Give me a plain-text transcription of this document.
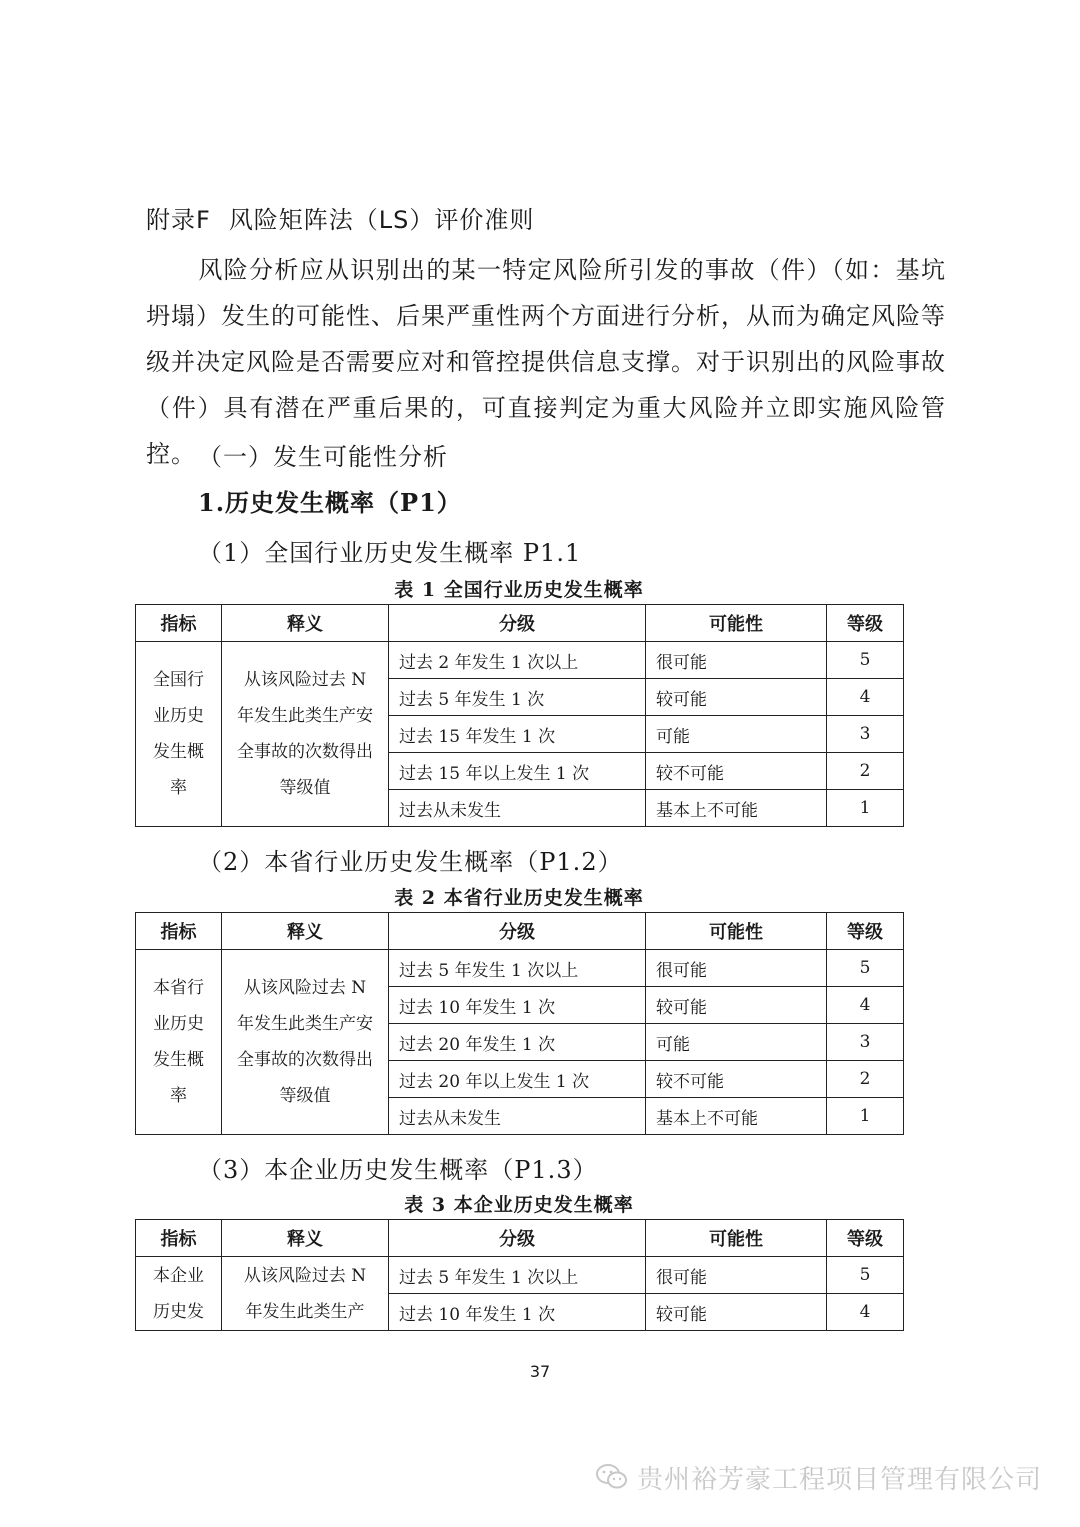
附录F 风险矩阵法（LS）评价准则

风险分析应从识别出的某一特定风险所引发的事故（件）（如：基坑坍塌）发生的可能性、后果严重性两个方面进行分析，从而为确定风险等级并决定风险是否需要应对和管控提供信息支撑。对于识别出的风险事故（件）具有潜在严重后果的，可直接判定为重大风险并立即实施风险管控。 （一）发生可能性分析
1.历史发生概率（P1）
（1）全国行业历史发生概率 P1.1
表 1 全国行业历史发生概率
指标	释义	分级	可能性	等级

全国行业历史发生概率	从该风险过去 N 年发生此类生产安全事故的次数得出等级值	过去 2 年发生 1 次以上	很可能	5
		过去 5 年发生 1 次	较可能	4
		过去 15 年发生 1 次	可能	3
		过去 15 年以上发生 1 次	较不可能	2
		过去从未发生	基本上不可能	1
（2）本省行业历史发生概率（P1.2）
表 2 本省行业历史发生概率
指标	释义	分级	可能性	等级

本省行业历史发生概率	从该风险过去 N 年发生此类生产安全事故的次数得出等级值	过去 5 年发生 1 次以上	很可能	5
		过去 10 年发生 1 次	较可能	4
		过去 20 年发生 1 次	可能	3
		过去 20 年以上发生 1 次	较不可能	2
		过去从未发生	基本上不可能	1
（3）本企业历史发生概率（P1.3）
表 3 本企业历史发生概率
指标	释义	分级	可能性	等级

本企业历史发	从该风险过去 N 年发生此类生产	过去 5 年发生 1 次以上	很可能	5
		过去 10 年发生 1 次	较可能	4
37
贵州裕芳豪工程项目管理有限公司
